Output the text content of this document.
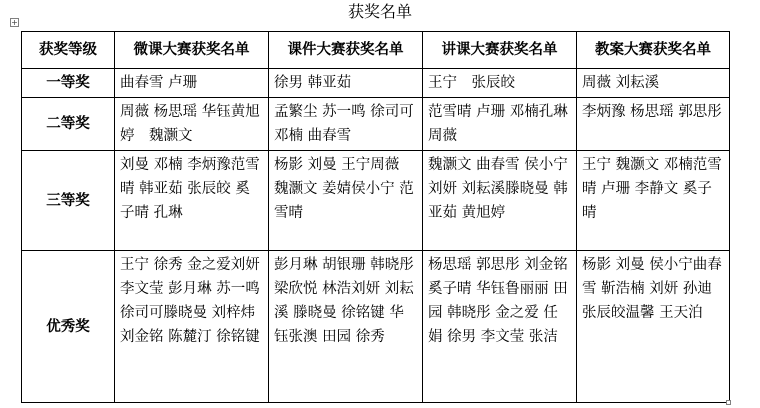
获奖名单
+
获奖等级	微课大赛获奖名单	课件大赛获奖名单	讲课大赛获奖名单	教案大赛获奖名单
一等奖	曲春雪 卢珊	徐男 韩亚茹	王宁　张辰皎	周薇 刘耘溪
二等奖	周薇 杨思瑶 华钰黄旭婷　魏灏文	孟繁尘 苏一鸣 徐司可 邓楠 曲春雪	范雪晴 卢珊 邓楠孔琳 周薇	李炳豫 杨思瑶 郭思彤
三等奖	刘曼 邓楠 李炳豫范雪晴 韩亚茹 张辰皎 奚子晴 孔琳	杨影 刘曼 王宁周薇 魏灏文 姜婧侯小宁 范雪晴	魏灏文 曲春雪 侯小宁 刘妍 刘耘溪滕晓曼 韩亚茹 黄旭婷	王宁 魏灏文 邓楠范雪晴 卢珊 李静文 奚子晴
优秀奖	王宁 徐秀 金之爱刘妍 李文莹 彭月琳 苏一鸣 徐司可滕晓曼 刘梓炜 刘金铭 陈麓汀 徐铭键	彭月琳 胡银珊 韩晓彤 梁欣悦 林浩刘妍 刘耘溪 滕晓曼 徐铭键 华钰张澳 田园 徐秀	杨思瑶 郭思彤 刘金铭 奚子晴 华钰鲁丽丽 田园 韩晓彤 金之爱 任娟 徐男 李文莹 张洁	杨影 刘曼 侯小宁曲春雪 靳浩楠 刘妍 孙迪 张辰皎温馨 王天泊
